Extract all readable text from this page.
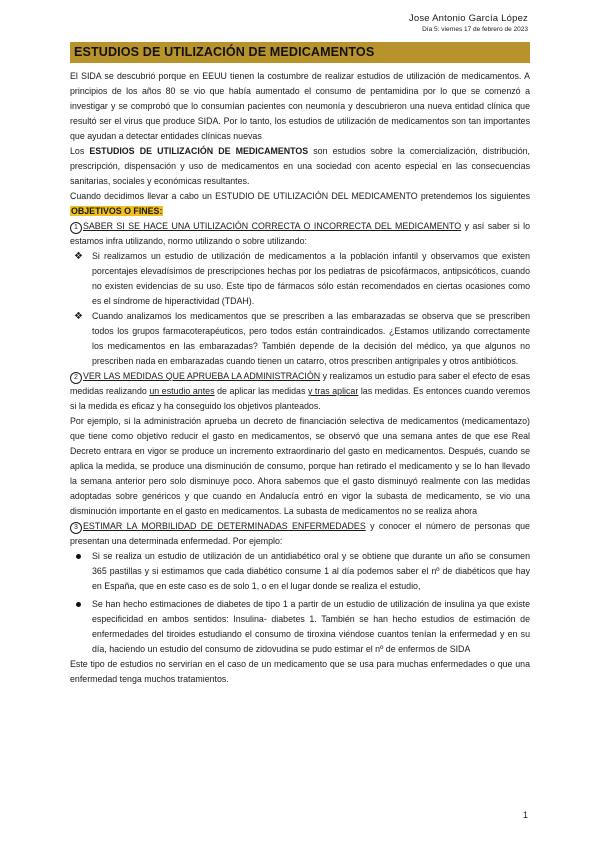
Jose Antonio García López
Día 5: viernes 17 de febrero de 2023
ESTUDIOS DE UTILIZACIÓN DE MEDICAMENTOS

El SIDA se descubrió porque en EEUU tienen la costumbre de realizar estudios de utilización de medicamentos. A principios de los años 80 se vio que había aumentado el consumo de pentamidina por lo que se comenzó a investigar y se comprobó que lo consumían pacientes con neumonía y descubrieron una nueva entidad clínica que resultó ser el virus que produce SIDA. Por lo tanto, los estudios de utilización de medicamentos son tan importantes que ayudan a detectar entidades clínicas nuevas

Los ESTUDIOS DE UTILIZACIÓN DE MEDICAMENTOS son estudios sobre la comercialización, distribución, prescripción, dispensación y uso de medicamentos en una sociedad con acento especial en las consecuencias sanitarias, sociales y económicas resultantes.

Cuando decidimos llevar a cabo un ESTUDIO DE UTILIZACIÓN DEL MEDICAMENTO pretendemos los siguientes OBJETIVOS O FINES:

1 SABER SI SE HACE UNA UTILIZACIÓN CORRECTA O INCORRECTA DEL MEDICAMENTO y así saber si lo estamos infra utilizando, normo utilizando o sobre utilizando:

❖ Si realizamos un estudio de utilización de medicamentos a la población infantil y observamos que existen porcentajes elevadísimos de prescripciones hechas por los pediatras de psicofármacos, antipsicóticos, cuando no existen evidencias de su uso. Este tipo de fármacos sólo están recomendados en ciertas ocasiones como es el síndrome de hiperactividad (TDAH).

❖ Cuando analizamos los medicamentos que se prescriben a las embarazadas se observa que se prescriben todos los grupos farmacoterapéuticos, pero todos están contraindicados. ¿Estamos utilizando correctamente los medicamentos en las embarazadas? También depende de la decisión del médico, ya que algunos no prescriben nada en embarazadas cuando tienen un catarro, otros prescriben antigripales y otros antibióticos.

2 VER LAS MEDIDAS QUE APRUEBA LA ADMINISTRACIÓN y realizamos un estudio para saber el efecto de esas medidas realizando un estudio antes de aplicar las medidas y tras aplicar las medidas. Es entonces cuando veremos si la medida es eficaz y ha conseguido los objetivos planteados.

Por ejemplo, si la administración aprueba un decreto de financiación selectiva de medicamentos (medicamentazo) que tiene como objetivo reducir el gasto en medicamentos, se observó que una semana antes de que ese Real Decreto entrara en vigor se produce un incremento extraordinario del gasto en medicamentos. Después, cuando se aplica la medida, se produce una disminución de consumo, porque han retirado el medicamento y se lo han llevado la semana anterior pero solo disminuye poco. Ahora sabemos que el gasto disminuyó realmente con las medidas adoptadas sobre genéricos y que cuando en Andalucía entró en vigor la subasta de medicamento, se vio una disminución importante en el gasto en medicamentos. La subasta de medicamentos no se realiza ahora

3 ESTIMAR LA MORBILIDAD DE DETERMINADAS ENFERMEDADES y conocer el número de personas que presentan una determinada enfermedad. Por ejemplo:

Si se realiza un estudio de utilización de un antidiabético oral y se obtiene que durante un año se consumen 365 pastillas y si estimamos que cada diabético consume 1 al día podemos saber el nº de diabéticos que hay en España, que en este caso es de solo 1, o en el lugar donde se realiza el estudio,

Se han hecho estimaciones de diabetes de tipo 1 a partir de un estudio de utilización de insulina ya que existe especificidad en ambos sentidos: Insulina- diabetes 1. También se han hecho estudios de estimación de enfermedades del tiroides estudiando el consumo de tiroxina viéndose cuantos tenían la enfermedad y en su día, haciendo un estudio del consumo de zidovudina se pudo estimar el nº de enfermos de SIDA

Este tipo de estudios no servirían en el caso de un medicamento que se usa para muchas enfermedades o que una enfermedad tenga muchos tratamientos.

1
